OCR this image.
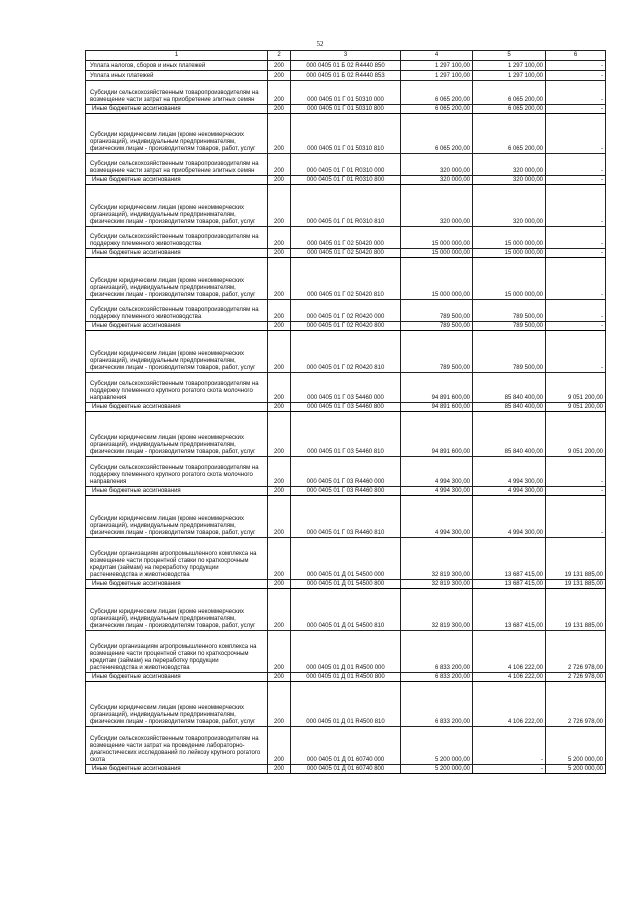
52
1	2	3	4	5	6
Уплата налогов, сборов и иных платежей	200	000 0405 01 Б 02 R4440 850	1 297 100,00	1 297 100,00	-
Уплата иных платежей	200	000 0405 01 Б 02 R4440 853	1 297 100,00	1 297 100,00	-
Субсидии сельскохозяйственным товаропроизводителям на возмещение части затрат на приобретение элитных семян	200	000 0405 01 Г 01 50310 000	6 065 200,00	6 065 200,00	-
Иные бюджетные ассигнования	200	000 0405 01 Г 01 50310 800	6 065 200,00	6 065 200,00	-
Субсидии юридическим лицам (кроме некоммерческих организаций), индивидуальным предпринимателям, физическим лицам - производителям товаров, работ, услуг	200	000 0405 01 Г 01 50310 810	6 065 200,00	6 065 200,00	-
Субсидии сельскохозяйственным товаропроизводителям на возмещение части затрат на приобретение элитных семян	200	000 0405 01 Г 01 R0310 000	320 000,00	320 000,00	-
Иные бюджетные ассигнования	200	000 0405 01 Г 01 R0310 800	320 000,00	320 000,00	-
Субсидии юридическим лицам (кроме некоммерческих организаций), индивидуальным предпринимателям, физическим лицам - производителям товаров, работ, услуг	200	000 0405 01 Г 01 R0310 810	320 000,00	320 000,00	-
Субсидии сельскохозяйственным товаропроизводителям на поддержку племенного животноводства	200	000 0405 01 Г 02 50420 000	15 000 000,00	15 000 000,00	-
Иные бюджетные ассигнования	200	000 0405 01 Г 02 50420 800	15 000 000,00	15 000 000,00	-
Субсидии юридическим лицам (кроме некоммерческих организаций), индивидуальным предпринимателям, физическим лицам - производителям товаров, работ, услуг	200	000 0405 01 Г 02 50420 810	15 000 000,00	15 000 000,00	-
Субсидии сельскохозяйственным товаропроизводителям на поддержку племенного животноводства	200	000 0405 01 Г 02 R0420 000	789 500,00	789 500,00	-
Иные бюджетные ассигнования	200	000 0405 01 Г 02 R0420 800	789 500,00	789 500,00	-
Субсидии юридическим лицам (кроме некоммерческих организаций), индивидуальным предпринимателям, физическим лицам - производителям товаров, работ, услуг	200	000 0405 01 Г 02 R0420 810	789 500,00	789 500,00	-
Субсидии сельскохозяйственным товаропроизводителям на поддержку племенного крупного рогатого скота молочного направления	200	000 0405 01 Г 03 54460 000	94 891 600,00	85 840 400,00	9 051 200,00
Иные бюджетные ассигнования	200	000 0405 01 Г 03 54460 800	94 891 600,00	85 840 400,00	9 051 200,00
Субсидии юридическим лицам (кроме некоммерческих организаций), индивидуальным предпринимателям, физическим лицам - производителям товаров, работ, услуг	200	000 0405 01 Г 03 54460 810	94 891 600,00	85 840 400,00	9 051 200,00
Субсидии сельскохозяйственным товаропроизводителям на поддержку племенного крупного рогатого скота молочного направления	200	000 0405 01 Г 03 R4460 000	4 994 300,00	4 994 300,00	-
Иные бюджетные ассигнования	200	000 0405 01 Г 03 R4460 800	4 994 300,00	4 994 300,00	-
Субсидии юридическим лицам (кроме некоммерческих организаций), индивидуальным предпринимателям, физическим лицам - производителям товаров, работ, услуг	200	000 0405 01 Г 03 R4460 810	4 994 300,00	4 994 300,00	-
Субсидии организациям агропромышленного комплекса на возмещение части процентной ставки по краткосрочным кредитам (займам) на переработку продукции растениеводства и животноводства	200	000 0405 01 Д 01 54500 000	32 819 300,00	13 687 415,00	19 131 885,00
Иные бюджетные ассигнования	200	000 0405 01 Д 01 54500 800	32 819 300,00	13 687 415,00	19 131 885,00
Субсидии юридическим лицам (кроме некоммерческих организаций), индивидуальным предпринимателям, физическим лицам - производителям товаров, работ, услуг	200	000 0405 01 Д 01 54500 810	32 819 300,00	13 687 415,00	19 131 885,00
Субсидии организациям агропромышленного комплекса на возмещение части процентной ставки по краткосрочным кредитам (займам) на переработку продукции растениеводства и животноводства	200	000 0405 01 Д 01 R4500 000	6 833 200,00	4 106 222,00	2 726 978,00
Иные бюджетные ассигнования	200	000 0405 01 Д 01 R4500 800	6 833 200,00	4 106 222,00	2 726 978,00
Субсидии юридическим лицам (кроме некоммерческих организаций), индивидуальным предпринимателям, физическим лицам - производителям товаров, работ, услуг	200	000 0405 01 Д 01 R4500 810	6 833 200,00	4 106 222,00	2 726 978,00
Субсидии сельскохозяйственным товаропроизводителям на возмещение части затрат на проведение лабораторно-диагностических исследований по лейкозу крупного рогатого скота	200	000 0405 01 Д 01 60740 000	5 200 000,00	-	5 200 000,00
Иные бюджетные ассигнования	200	000 0405 01 Д 01 60740 800	5 200 000,00	-	5 200 000,00
